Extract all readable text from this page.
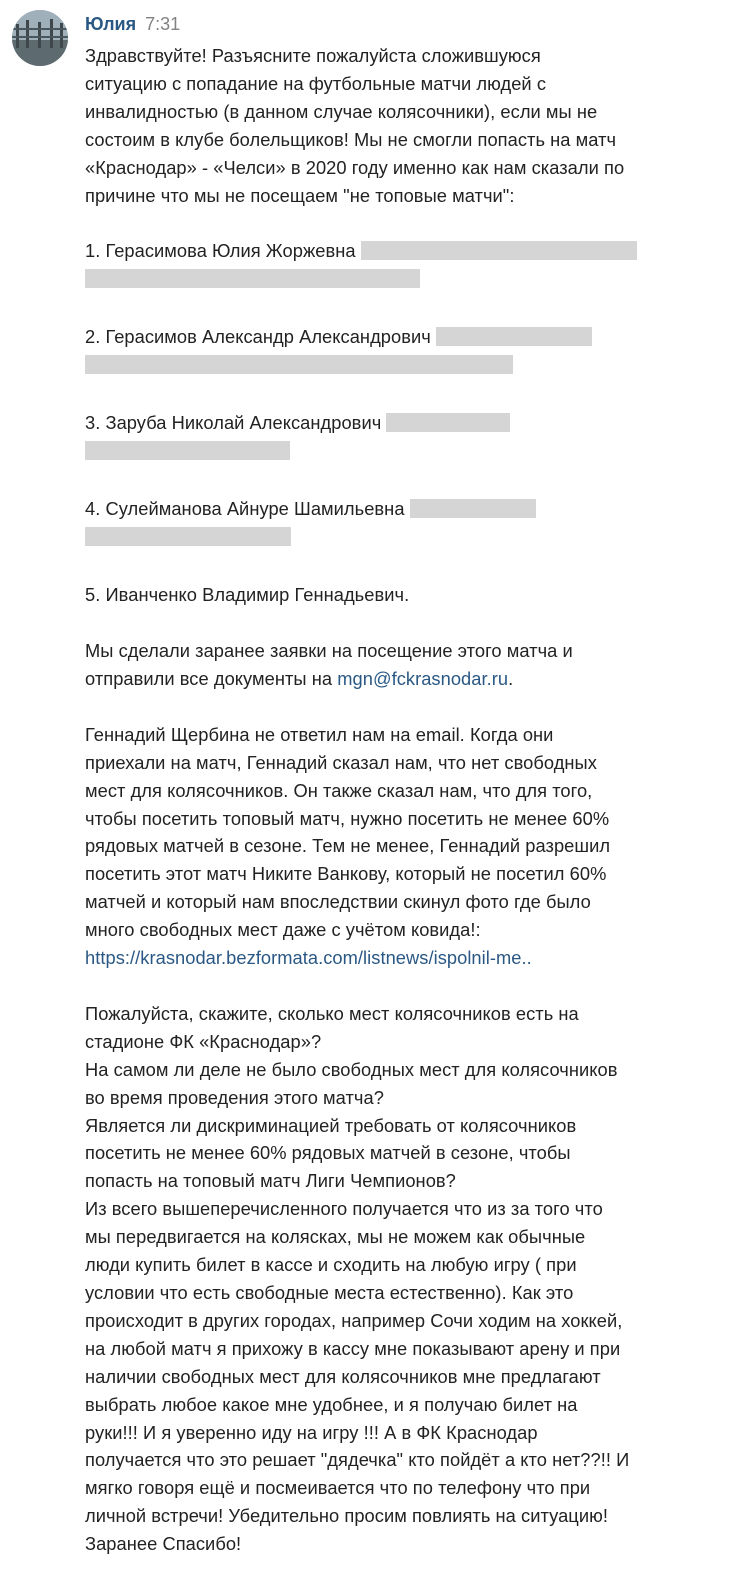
Юлия 7:31

Здравствуйте! Разъясните пожалуйста сложившуюся

ситуацию с попадание на футбольные матчи людей с

инвалидностью (в данном случае колясочники), если мы не

состоим в клубе болельщиков! Мы не смогли попасть на матч

«Краснодар» - «Челси» в 2020 году именно как нам сказали по

причине что мы не посещаем "не топовые матчи":

1. Герасимова Юлия Жоржевна

2. Герасимов Александр Александрович

3. Заруба Николай Александрович

4. Сулейманова Айнуре Шамильевна

5. Иванченко Владимир Геннадьевич.

Мы сделали заранее заявки на посещение этого матча и

отправили все документы на mgn@fckrasnodar.ru.

Геннадий Щербина не ответил нам на email. Когда они

приехали на матч, Геннадий сказал нам, что нет свободных

мест для колясочников. Он также сказал нам, что для того,

чтобы посетить топовый матч, нужно посетить не менее 60%

рядовых матчей в сезоне. Тем не менее, Геннадий разрешил

посетить этот матч Никите Ванкову, который не посетил 60%

матчей и который нам впоследствии скинул фото где было

много свободных мест даже с учётом ковида!:

https://krasnodar.bezformata.com/listnews/ispolnil-me..

Пожалуйста, скажите, сколько мест колясочников есть на

стадионе ФК «Краснодар»?

На самом ли деле не было свободных мест для колясочников

во время проведения этого матча?

Является ли дискриминацией требовать от колясочников

посетить не менее 60% рядовых матчей в сезоне, чтобы

попасть на топовый матч Лиги Чемпионов?

Из всего вышеперечисленного получается что из за того что

мы передвигается на колясках, мы не можем как обычные

люди купить билет в кассе и сходить на любую игру ( при

условии что есть свободные места естественно). Как это

происходит в других городах, например Сочи ходим на хоккей,

на любой матч я прихожу в кассу мне показывают арену и при

наличии свободных мест для колясочников мне предлагают

выбрать любое какое мне удобнее, и я получаю билет на

руки!!! И я уверенно иду на игру !!! А в ФК Краснодар

получается что это решает "дядечка" кто пойдёт а кто нет??!! И

мягко говоря ещё и посмеивается что по телефону что при

личной встречи! Убедительно просим повлиять на ситуацию!

Заранее Спасибо!
